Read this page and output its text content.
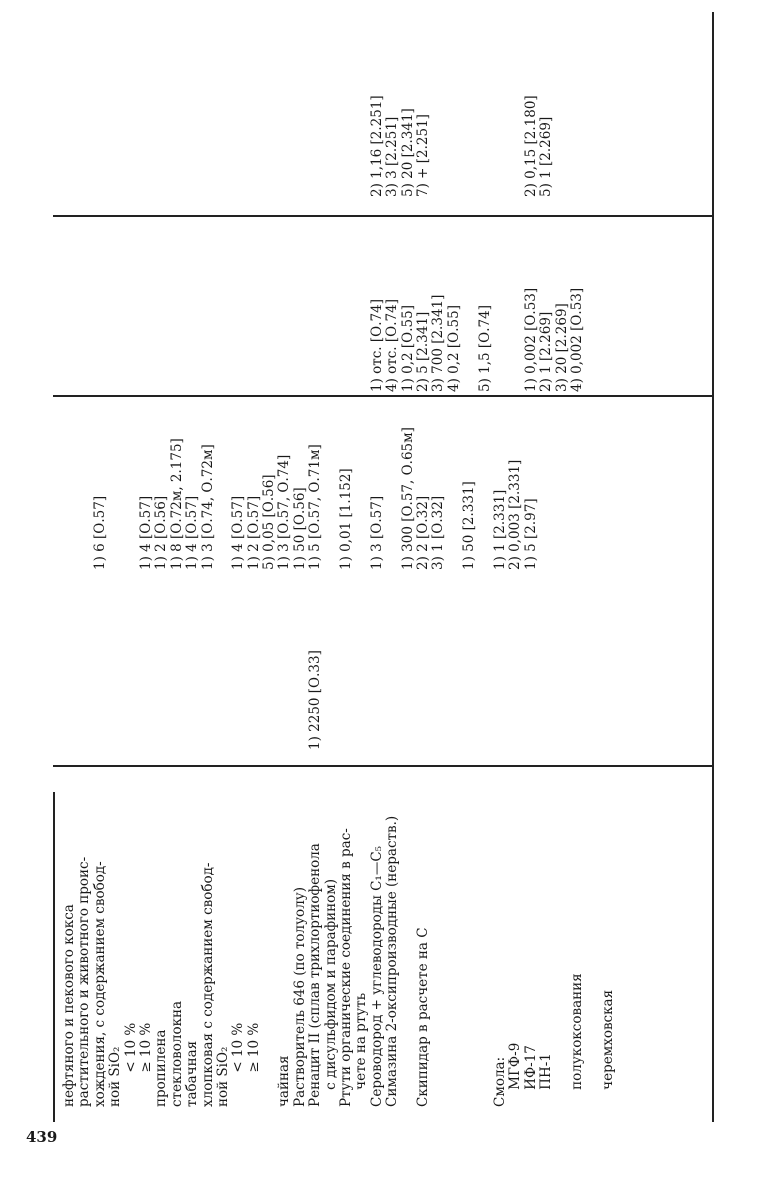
нефтяного и пекового кокса растительного и животного проис- хождения, с содержанием свобод- ной SiO₂ < 10 % ≥ 10 % пропилена стекловолокна табачная хлопковая с содержанием свобод- ной SiO₂ < 10 % ≥ 10 % чайная Растворитель 646 (по толуолу) Ренацит II (сплав трихлортиофенола с дисульфидом и парафином) Ртути органические соединения в рас- чете на ртуть Сероводород + углеводороды C₁—C₅ Симазина 2-оксипроизводные (нераств.) Скипидар в расчете на С	Смола: МГФ-9 ИФ-17 ПН-1 полукоксования черемховская
1) 2250 [О.33]
1) 6 [О.57] 1) 4 [О.57] 1) 2 [О.56] 1) 8 [О.72м, 2.175] 1) 4 [О.57] 1) 3 [О.74, О.72м] 1) 4 [О.57] 1) 2 [О.57] 5) 0,05 [О.56] 1) 3 [О.57, О.74] 1) 50 [О.56] 1) 5 [О.57, О.71м] 1) 0,01 [1.152] 1) 3 [О.57] 1) 300 [О.57, О.65м] 2) 2 [О.32] 3) 1 [О.32] 1) 50 [2.331] 1) 1 [2.331] 2) 0,003 [2.331] 1) 5 [2.97]
1) отс. [О.74] 4) отс. [О.74] 1) 0,2 [О.55] 2) 5 [2.341] 3) 700 [2.341] 4) 0,2 [О.55] 5) 1,5 [О.74] 1) 0,002 [О.53] 2) 1 [2.269] 3) 20 [2.269] 4) 0,002 [О.53]
2) 1,16 [2.251] 3) 3 [2.251] 5) 20 [2.341] 7) + [2.251]	2) 0,15 [2.180] 5) 1 [2.269]
439
